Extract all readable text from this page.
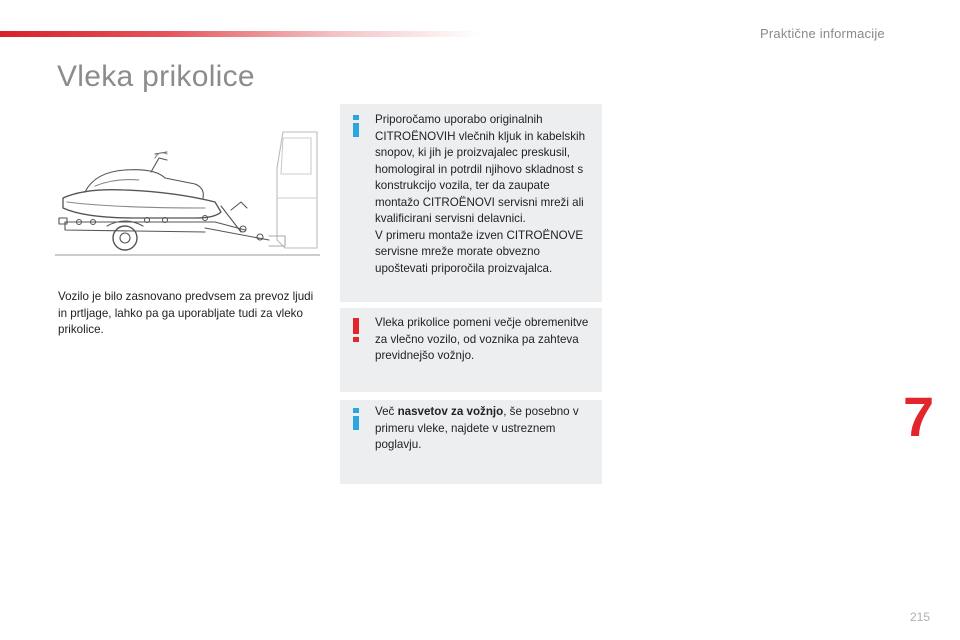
Praktične informacije
Vleka prikolice
Vozilo je bilo zasnovano predvsem za prevoz ljudi in prtljage, lahko pa ga uporabljate tudi za vleko prikolice.

Priporočamo uporabo originalnih CITROËNOVIH vlečnih kljuk in kabelskih snopov, ki jih je proizvajalec preskusil, homologiral in potrdil njihovo skladnost s konstrukcijo vozila, ter da zaupate montažo CITROËNOVI servisni mreži ali kvalificirani servisni delavnici.

V primeru montaže izven CITROËNOVE servisne mreže morate obvezno upoštevati priporočila proizvajalca.

Vleka prikolice pomeni večje obremenitve za vlečno vozilo, od voznika pa zahteva previdnejšo vožnjo.

Več nasvetov za vožnjo, še posebno v primeru vleke, najdete v ustreznem poglavju.	7
215
